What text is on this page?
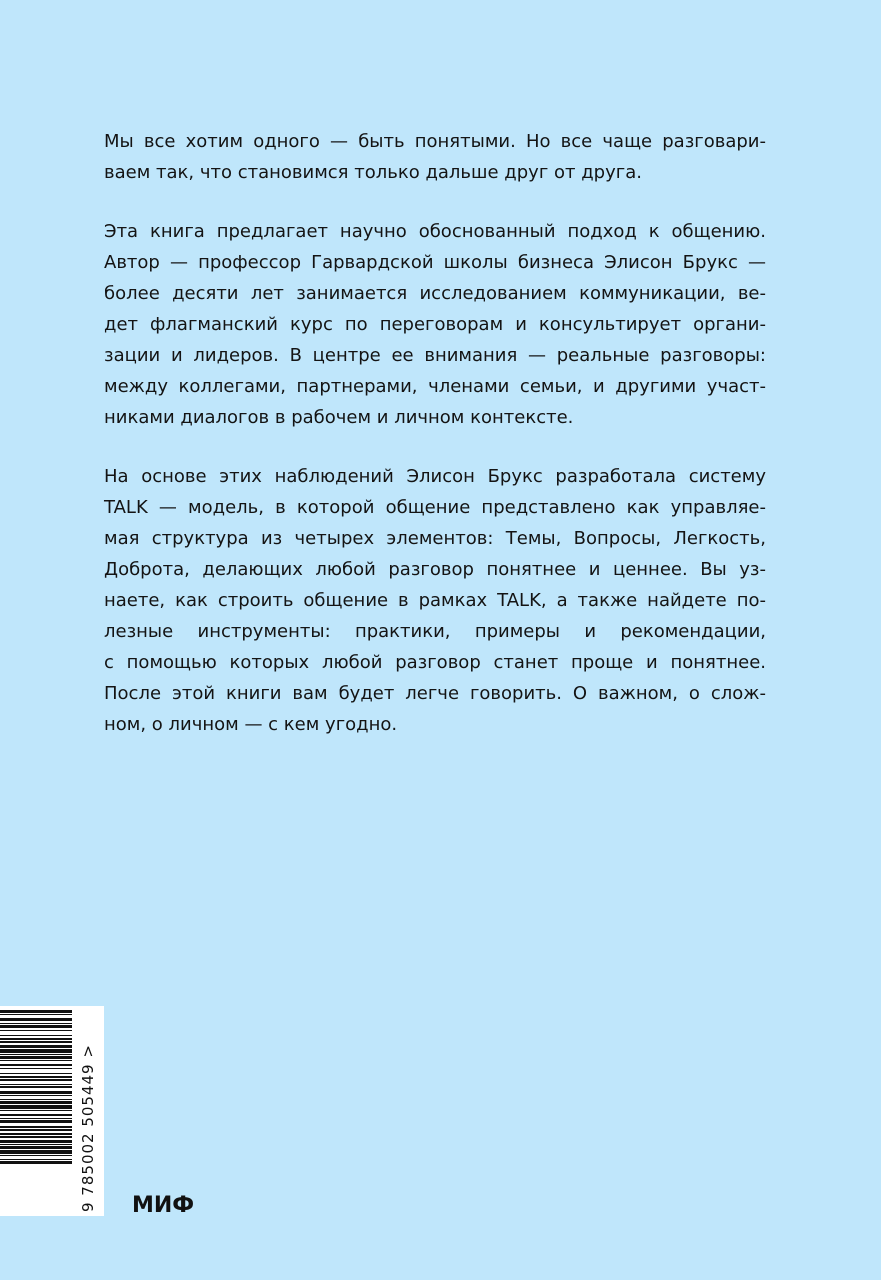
Мы все хотим одного — быть понятыми. Но все чаще разговари-
ваем так, что становимся только дальше друг от друга.

Эта книга предлагает научно обоснованный подход к общению.
Автор — профессор Гарвардской школы бизнеса Элисон Брукс —
более десяти лет занимается исследованием коммуникации, ве-
дет флагманский курс по переговорам и консультирует органи-
зации и лидеров. В центре ее внимания — реальные разговоры:
между коллегами, партнерами, членами семьи, и другими участ-
никами диалогов в рабочем и личном контексте.

На основе этих наблюдений Элисон Брукс разработала систему
TALK — модель, в которой общение представлено как управляе-
мая структура из четырех элементов: Темы, Вопросы, Легкость,
Доброта, делающих любой разговор понятнее и ценнее. Вы уз-
наете, как строить общение в рамках TALK, а также найдете по-
лезные инструменты: практики, примеры и рекомендации,
с помощью которых любой разговор станет проще и понятнее.
После этой книги вам будет легче говорить. О важном, о слож-
ном, о личном — с кем угодно.

9 785002 505449 > МИФ
